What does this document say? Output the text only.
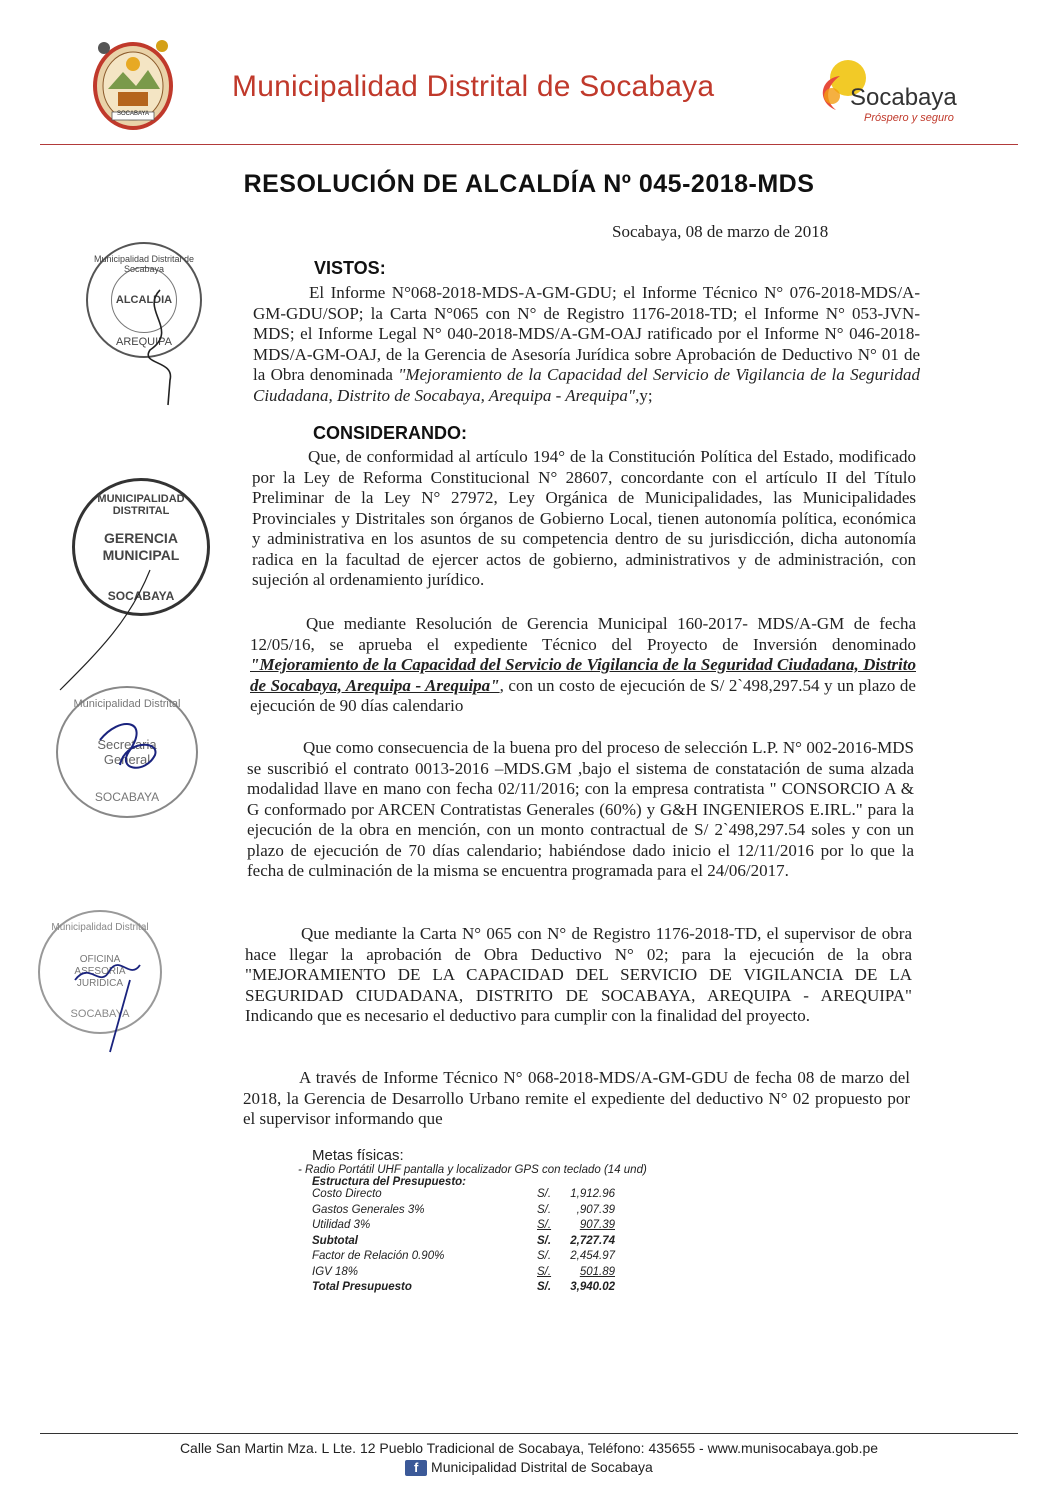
SOCABAYA
Municipalidad Distrital de Socabaya	Socabaya
Próspero y seguro
RESOLUCIÓN DE ALCALDÍA Nº 045-2018-MDS
Socabaya, 08 de marzo de 2018
Municipalidad Distrital de Socabaya
ALCALDIA
AREQUIPA
MUNICIPALIDAD DISTRITAL
GERENCIA
MUNICIPAL
SOCABAYA
Municipalidad Distrital
Secretaria
General
SOCABAYA
Municipalidad Distrital
OFICINA
ASESORIA
JURIDICA
SOCABAYA
VISTOS:
El Informe N°068-2018-MDS-A-GM-GDU; el Informe Técnico N° 076-2018-MDS/A-GM-GDU/SOP; la Carta N°065 con N° de Registro 1176-2018-TD; el Informe N° 053-JVN-MDS; el Informe Legal N° 040-2018-MDS/A-GM-OAJ ratificado por el Informe N° 046-2018-MDS/A-GM-OAJ, de la Gerencia de Asesoría Jurídica sobre Aprobación de Deductivo N° 01 de la Obra denominada "Mejoramiento de la Capacidad del Servicio de Vigilancia de la Seguridad Ciudadana, Distrito de Socabaya, Arequipa - Arequipa",y;
CONSIDERANDO:
Que, de conformidad al artículo 194° de la Constitución Política del Estado, modificado por la Ley de Reforma Constitucional N° 28607, concordante con el artículo II del Título Preliminar de la Ley N° 27972, Ley Orgánica de Municipalidades, las Municipalidades Provinciales y Distritales son órganos de Gobierno Local, tienen autonomía política, económica y administrativa en los asuntos de su competencia dentro de su jurisdicción, dicha autonomía radica en la facultad de ejercer actos de gobierno, administrativos y de administración, con sujeción al ordenamiento jurídico.
Que mediante Resolución de Gerencia Municipal 160-2017- MDS/A-GM de fecha 12/05/16, se aprueba el expediente Técnico del Proyecto de Inversión denominado "Mejoramiento de la Capacidad del Servicio de Vigilancia de la Seguridad Ciudadana, Distrito de Socabaya, Arequipa - Arequipa", con un costo de ejecución de S/ 2`498,297.54 y un plazo de ejecución de 90 días calendario
Que como consecuencia de la buena pro del proceso de selección L.P. N° 002-2016-MDS se suscribió el contrato 0013-2016 –MDS.GM ,bajo el sistema de constatación de suma alzada modalidad llave en mano con fecha 02/11/2016; con la empresa contratista " CONSORCIO A & G conformado por ARCEN Contratistas Generales (60%) y G&H INGENIEROS E.IRL." para la ejecución de la obra en mención, con un monto contractual de S/ 2`498,297.54 soles y con un plazo de ejecución de 70 días calendario; habiéndose dado inicio el 12/11/2016 por lo que la fecha de culminación de la misma se encuentra programada para el 24/06/2017.
Que mediante la Carta N° 065 con N° de Registro 1176-2018-TD, el supervisor de obra hace llegar la aprobación de Obra Deductivo N° 02; para la ejecución de la obra "MEJORAMIENTO DE LA CAPACIDAD DEL SERVICIO DE VIGILANCIA DE LA SEGURIDAD CIUDADANA, DISTRITO DE SOCABAYA, AREQUIPA - AREQUIPA" Indicando que es necesario el deductivo para cumplir con la finalidad del proyecto.
A través de Informe Técnico N° 068-2018-MDS/A-GM-GDU de fecha 08 de marzo del 2018, la Gerencia de Desarrollo Urbano remite el expediente del deductivo N° 02 propuesto por el supervisor informando que
Metas físicas:
- Radio Portátil UHF pantalla y localizador GPS con teclado (14 und)
Estructura del Presupuesto:
Costo Directo	S/.	1,912.96
Gastos Generales 3%	S/.	,907.39
Utilidad 3%	S/.	907.39
Subtotal	S/.	2,727.74
Factor de Relación 0.90%	S/.	2,454.97
IGV 18%	S/.	501.89
Total Presupuesto	S/.	3,940.02
Calle San Martin Mza. L Lte. 12 Pueblo Tradicional de Socabaya, Teléfono: 435655 - www.munisocabaya.gob.pe
f Municipalidad Distrital de Socabaya
